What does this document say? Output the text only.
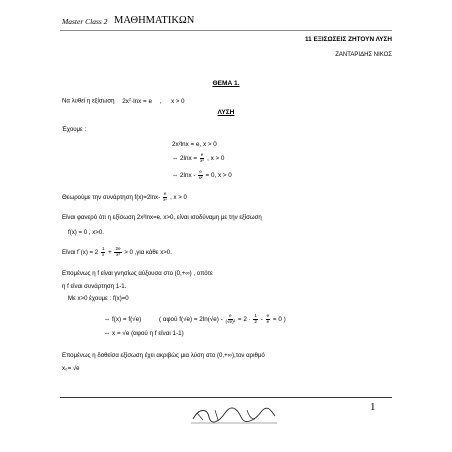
Master Class 2 ΜΑΘΗΜΑΤΙΚΩΝ
11 ΕΞΙΣΩΣΕΙΣ ΖΗΤΟΥΝ ΛΥΣΗ
ΖΑΝΤΑΡΙΔΗΣ ΝΙΚΟΣ
ΘΕΜΑ 1.
Να λυθεί η εξίσωση $2x^2\cdot\ln x = e$ , x > 0
ΛΥΣΗ
Έχουμε :
2x²lnx = e, x > 0
⇔ $2\ln x = \frac{e}{\text{x²}}$ , x > 0
⇔ $2\ln x - \frac{e}{\text{x²}} = 0$, x > 0
Θεωρούμε την συνάρτηση $f(x)=2\ln x- \frac{e}{\text{x²}}$ , x > 0
Είναι φανερό ότι η εξίσωση 2x²lnx=e, x>0, είναι ισοδύναμη με την εξίσωση
f(x) = 0 , x>0.
Είναι $f΄(x) = 2 \frac{1}{x} + \frac{2e}{\text{x³}} > 0$ ,για κάθε x>0.
Επομένως η f είναι γνησίως αύξουσα στο (0,+∞) , οπότε
η f είναι συνάρτηση 1-1.
Με x>0 έχουμε : f(x)=0
⇔ f(x) = f(√e)	( αφού $f(√e) = 2\ln(√e) - \frac{e}{\text{(√e)²}} = 2 \cdot \frac{1}{2} - \frac{e}{e} = 0$ )
⇔ x = √e (αφού η f είναι 1-1)
Επομένως η δοθείσα εξίσωση έχει ακριβώς μια λύση στο (0,+∞),τον αριθμό
x₀= √e
1
